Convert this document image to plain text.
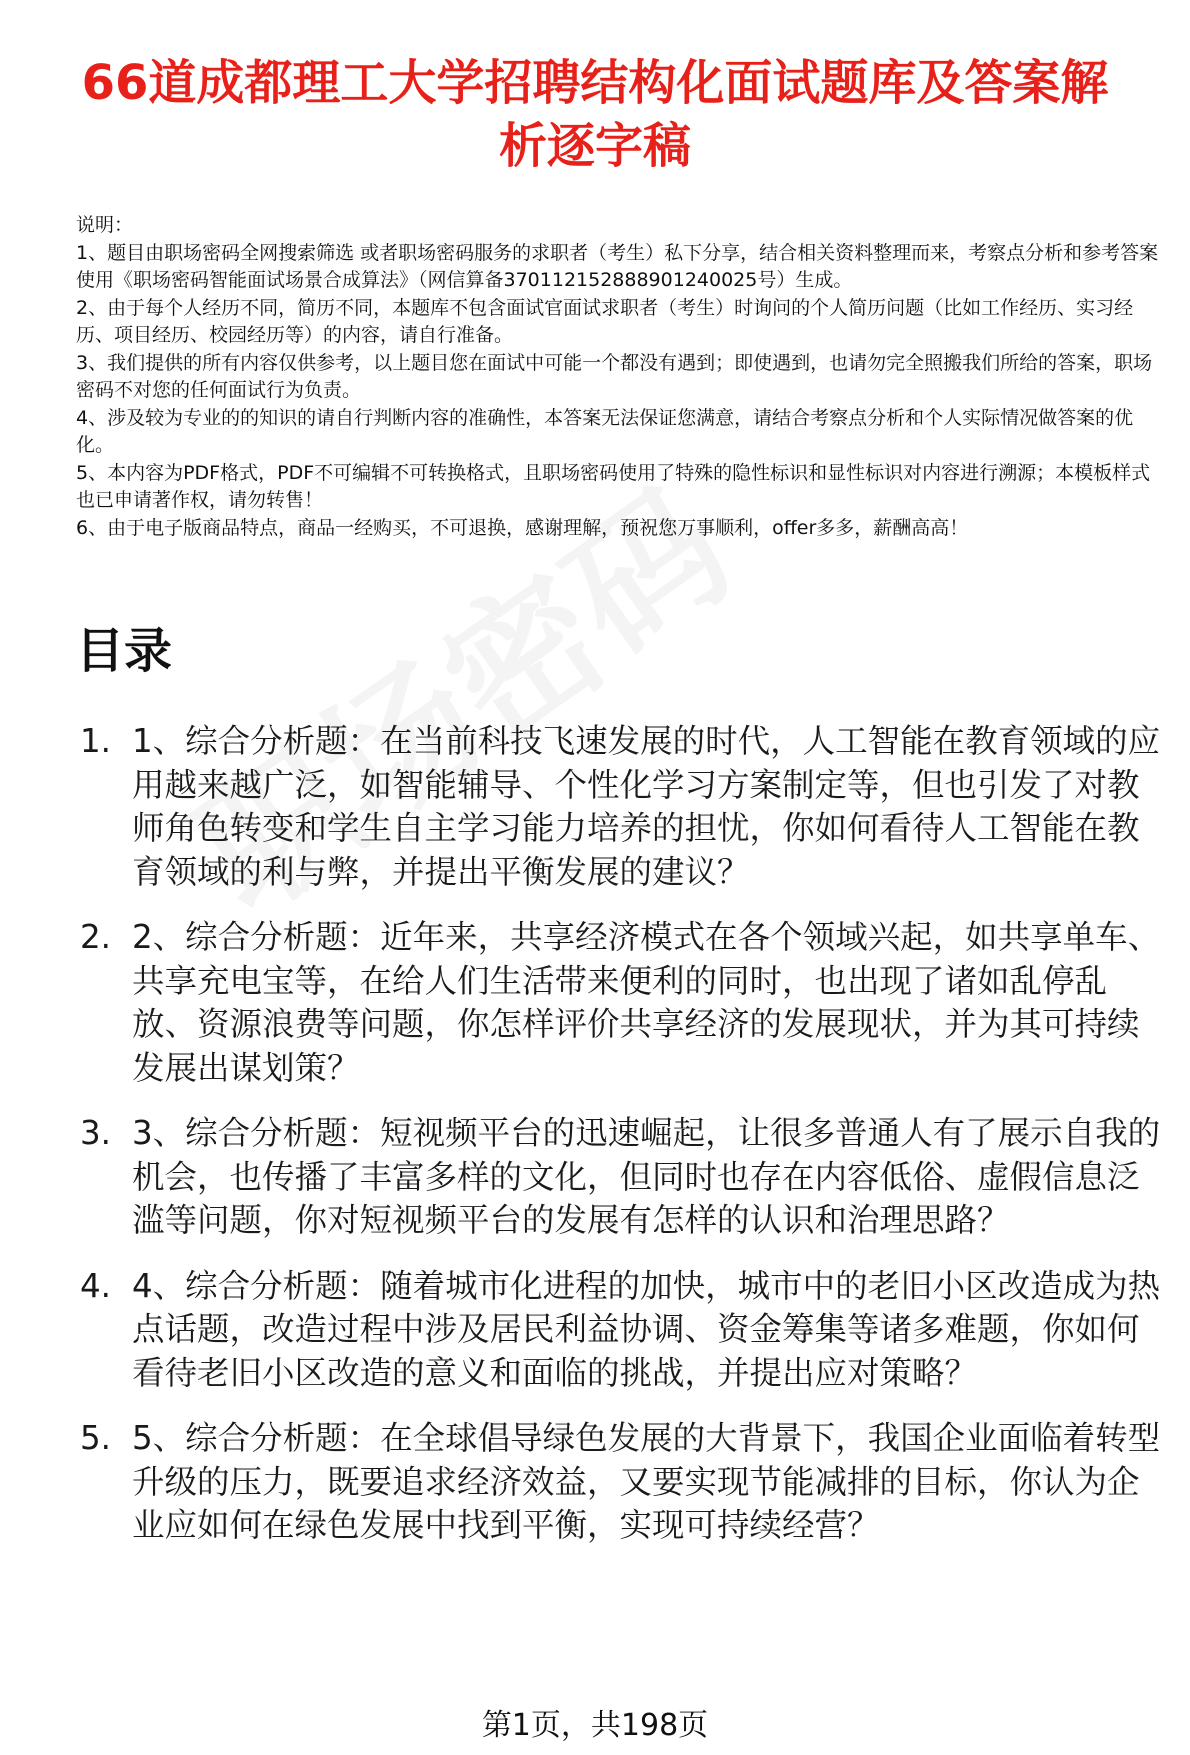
66道成都理工大学招聘结构化面试题库及答案解析逐字稿

说明：

1、题目由职场密码全网搜索筛选 或者职场密码服务的求职者（考生）私下分享，结合相关资料整理而来，考察点分析和参考答案使用《职场密码智能面试场景合成算法》（网信算备370112152888901240025号）生成。

2、由于每个人经历不同，简历不同，本题库不包含面试官面试求职者（考生）时询问的个人简历问题（比如工作经历、实习经历、项目经历、校园经历等）的内容，请自行准备。

3、我们提供的所有内容仅供参考，以上题目您在面试中可能一个都没有遇到；即使遇到，也请勿完全照搬我们所给的答案，职场密码不对您的任何面试行为负责。

4、涉及较为专业的的知识的请自行判断内容的准确性，本答案无法保证您满意，请结合考察点分析和个人实际情况做答案的优化。

5、本内容为PDF格式，PDF不可编辑不可转换格式，且职场密码使用了特殊的隐性标识和显性标识对内容进行溯源；本模板样式也已申请著作权，请勿转售！

6、由于电子版商品特点，商品一经购买，不可退换，感谢理解，预祝您万事顺利，offer多多，薪酬高高！

目录
1. 1、综合分析题：在当前科技飞速发展的时代，人工智能在教育领域的应用越来越广泛，如智能辅导、个性化学习方案制定等，但也引发了对教师角色转变和学生自主学习能力培养的担忧，你如何看待人工智能在教育领域的利与弊，并提出平衡发展的建议？
2. 2、综合分析题：近年来，共享经济模式在各个领域兴起，如共享单车、共享充电宝等，在给人们生活带来便利的同时，也出现了诸如乱停乱放、资源浪费等问题，你怎样评价共享经济的发展现状，并为其可持续发展出谋划策？
3. 3、综合分析题：短视频平台的迅速崛起，让很多普通人有了展示自我的机会，也传播了丰富多样的文化，但同时也存在内容低俗、虚假信息泛滥等问题，你对短视频平台的发展有怎样的认识和治理思路？
4. 4、综合分析题：随着城市化进程的加快，城市中的老旧小区改造成为热点话题，改造过程中涉及居民利益协调、资金筹集等诸多难题，你如何看待老旧小区改造的意义和面临的挑战，并提出应对策略？
5. 5、综合分析题：在全球倡导绿色发展的大背景下，我国企业面临着转型升级的压力，既要追求经济效益，又要实现节能减排的目标，你认为企业应如何在绿色发展中找到平衡，实现可持续经营？
第1页，共198页
